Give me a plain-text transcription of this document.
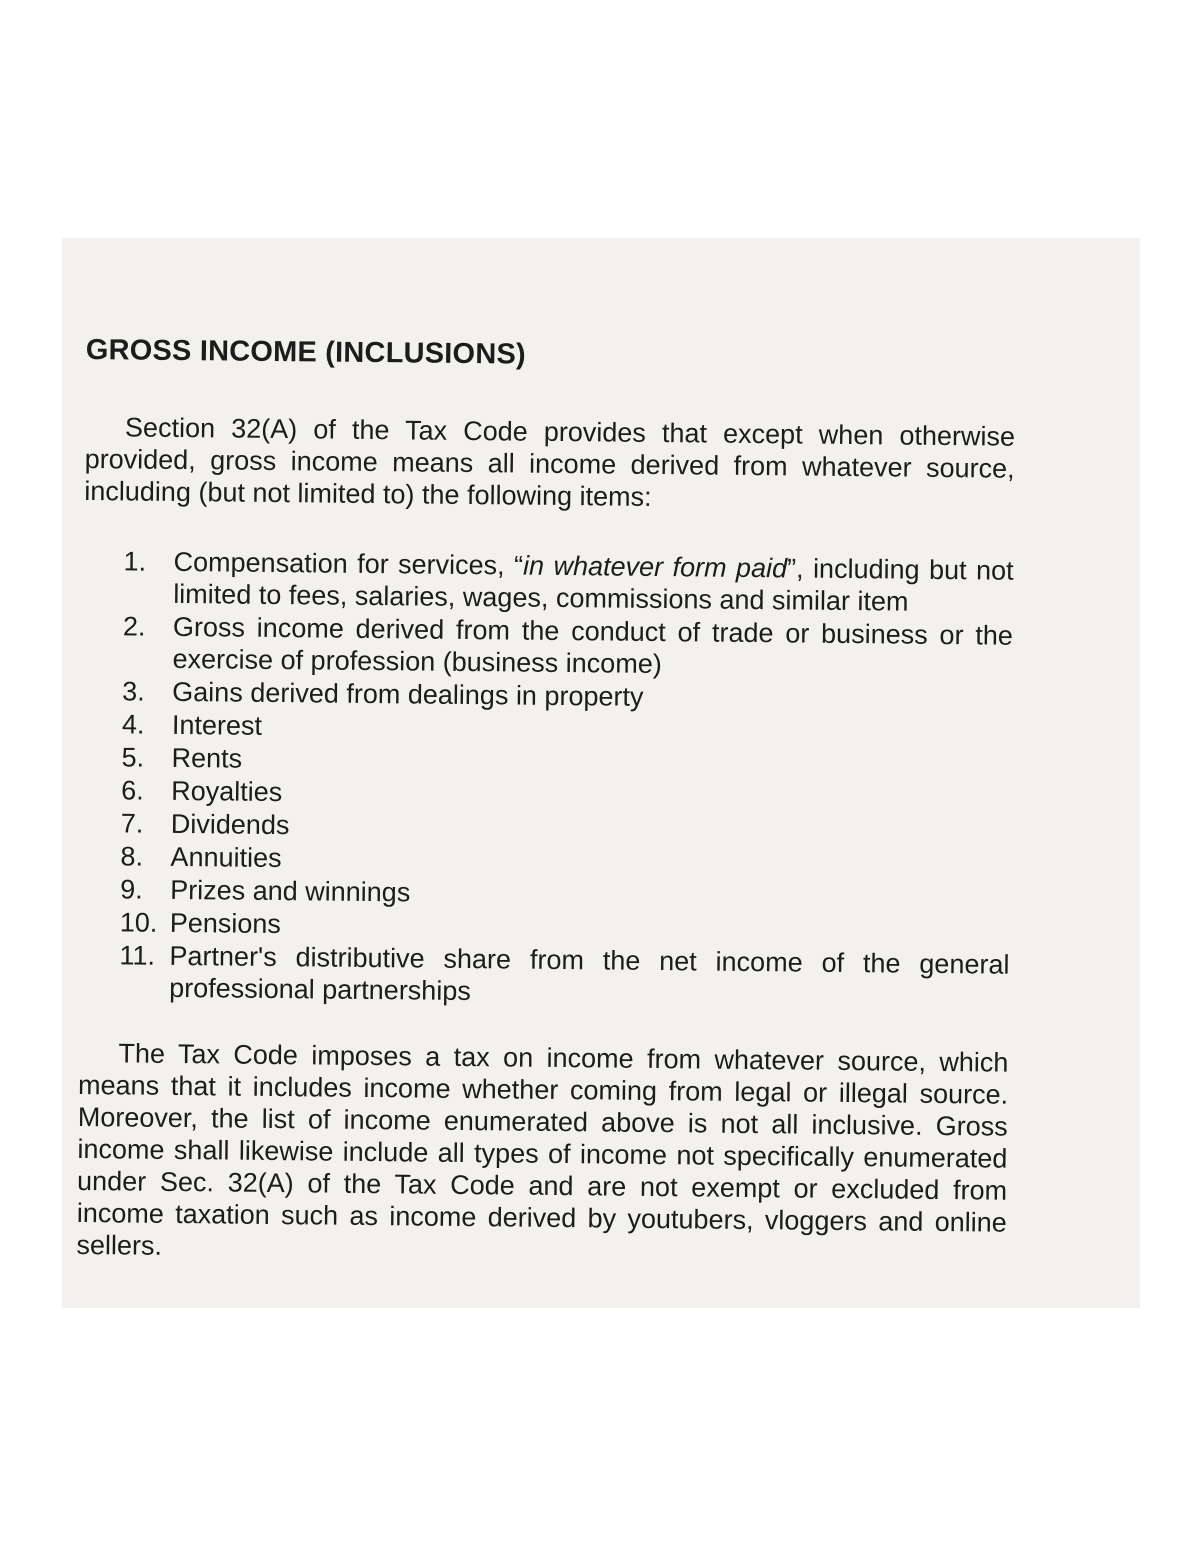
GROSS INCOME (INCLUSIONS)

Section 32(A) of the Tax Code provides that except when otherwise provided, gross income means all income derived from whatever source, including (but not limited to) the following items:

1.	Compensation for services, “in whatever form paid”, including but not limited to fees, salaries, wages, commissions and similar item
2.	Gross income derived from the conduct of trade or business or the exercise of profession (business income)
3.	Gains derived from dealings in property
4.	Interest
5.	Rents
6.	Royalties
7.	Dividends
8.	Annuities
9.	Prizes and winnings
10. Pensions
11. Partner's distributive share from the net income of the general professional partnerships

The Tax Code imposes a tax on income from whatever source, which means that it includes income whether coming from legal or illegal source. Moreover, the list of income enumerated above is not all inclusive. Gross income shall likewise include all types of income not specifically enumerated under Sec. 32(A) of the Tax Code and are not exempt or excluded from income taxation such as income derived by youtubers, vloggers and online sellers.
